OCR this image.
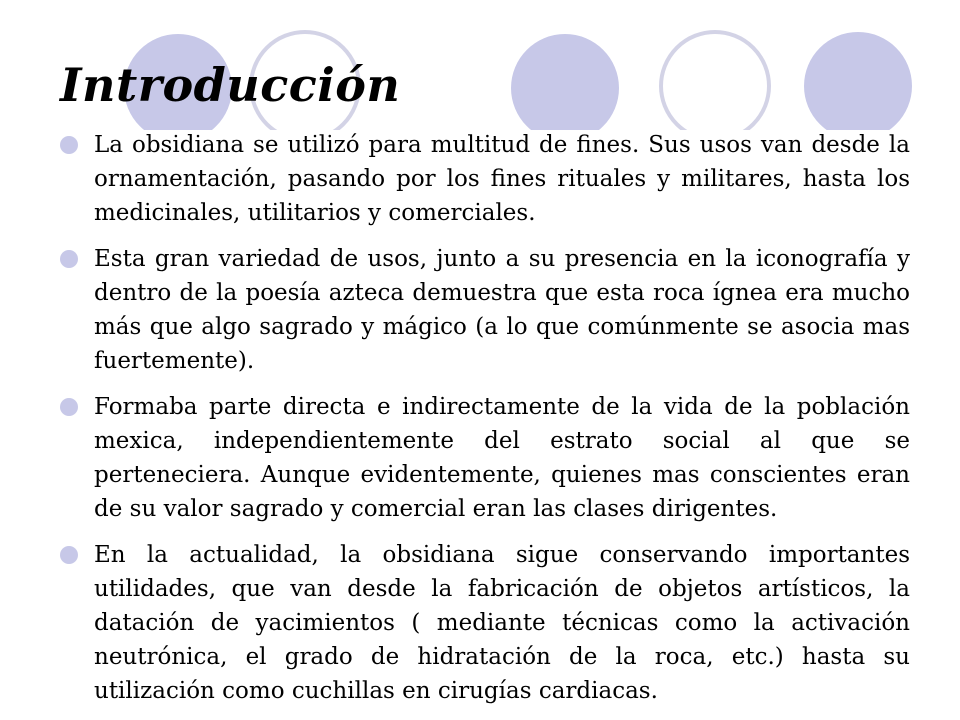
Introducción
La obsidiana se utilizó para multitud de fines. Sus usos van desde la ornamentación, pasando por los fines rituales y militares, hasta los medicinales, utilitarios y comerciales.
Esta gran variedad de usos, junto a su presencia en la iconografía y dentro de la poesía azteca demuestra que esta roca ígnea era mucho más que algo sagrado y mágico (a lo que comúnmente se asocia mas fuertemente).
Formaba parte directa e indirectamente de la vida de la población mexica, independientemente del estrato social al que se perteneciera. Aunque evidentemente, quienes mas conscientes eran de su valor sagrado y comercial eran las clases dirigentes.
En la actualidad, la obsidiana sigue conservando importantes utilidades, que van desde la fabricación de objetos artísticos, la datación de yacimientos ( mediante técnicas como la activación neutrónica, el grado de hidratación de la roca, etc.) hasta su utilización como cuchillas en cirugías cardiacas.
